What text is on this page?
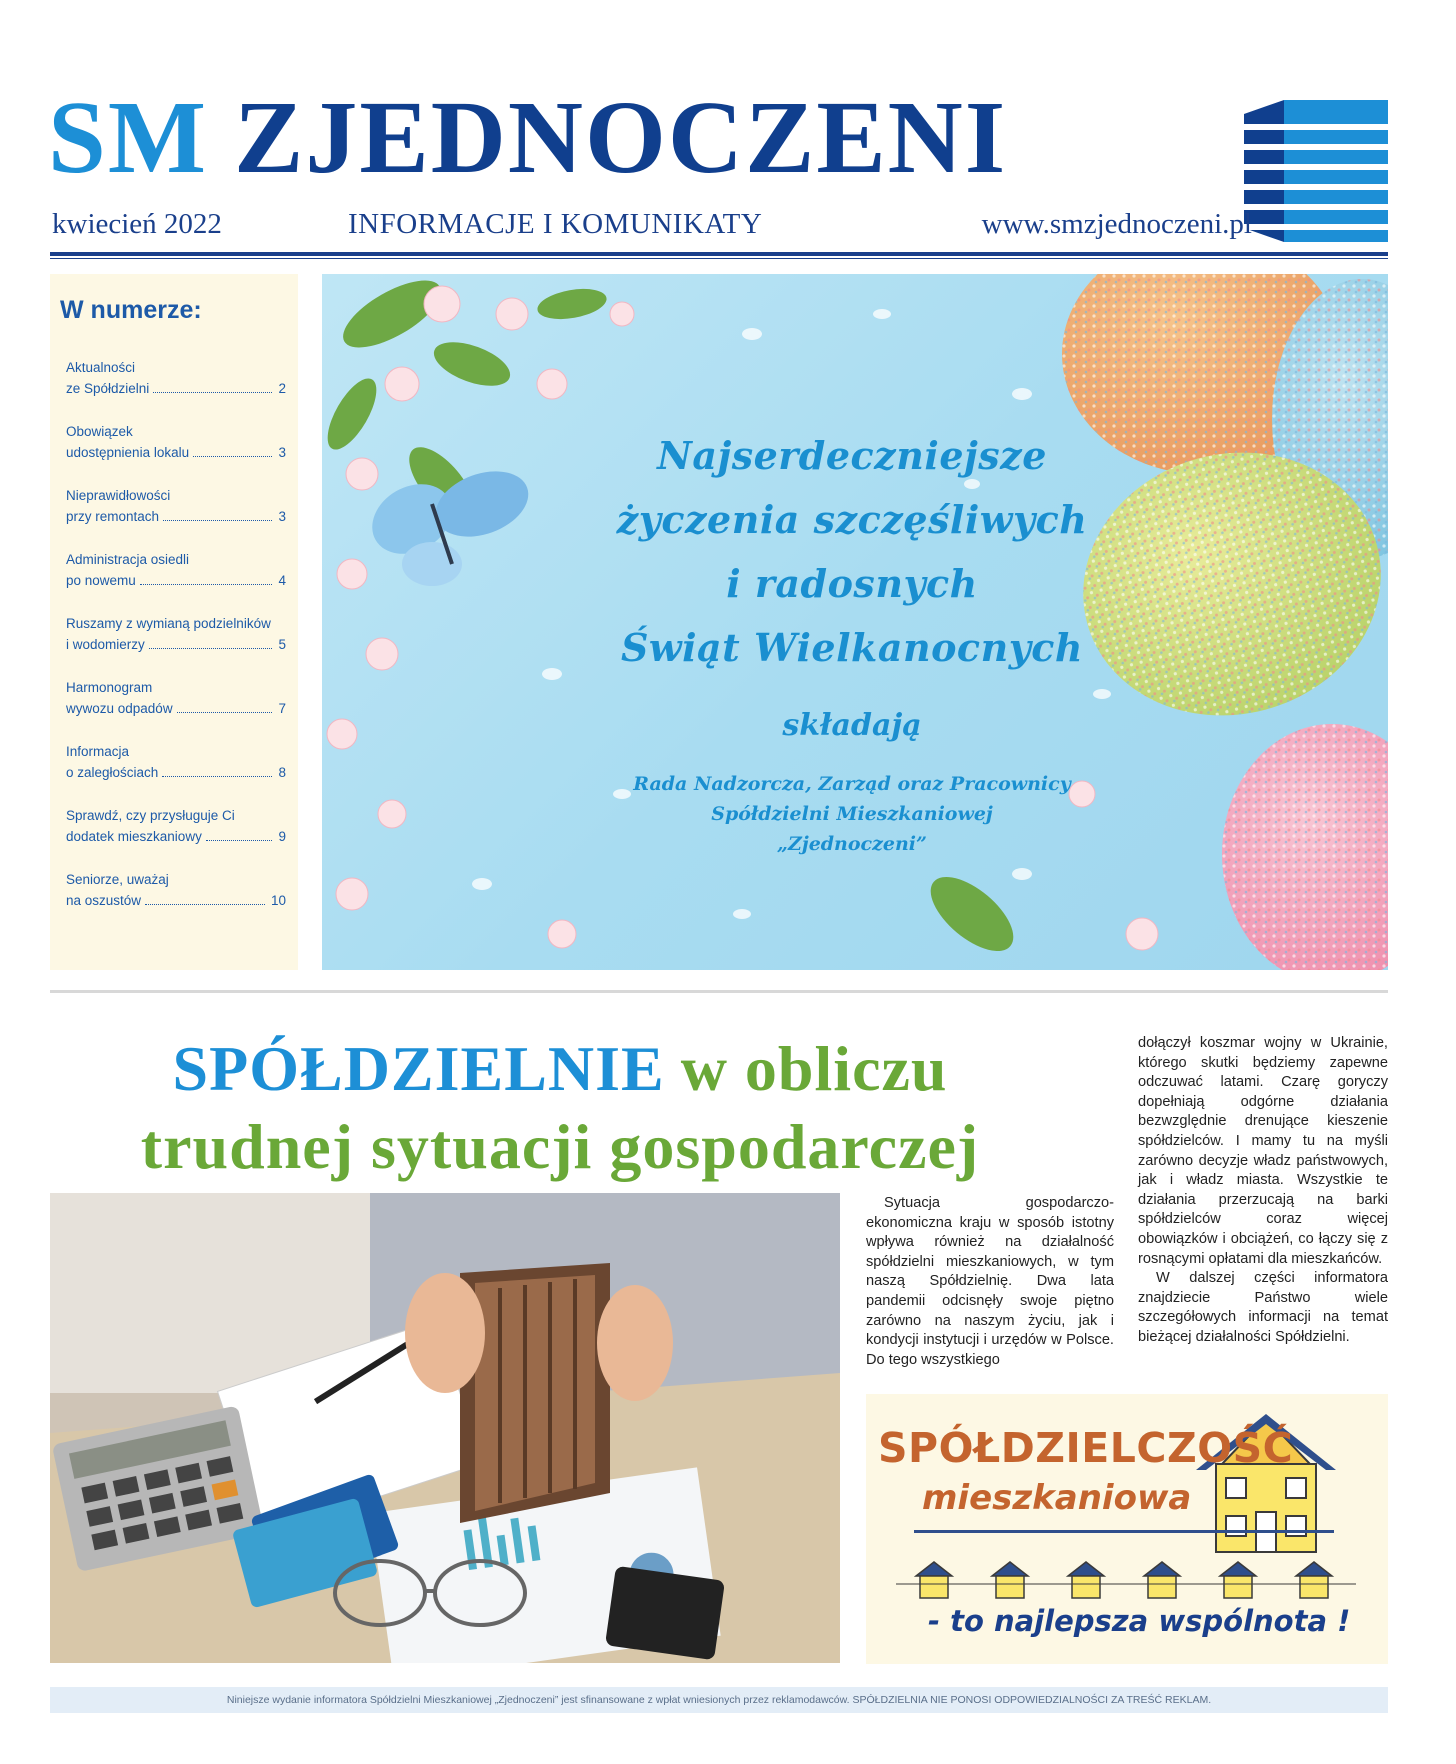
SM ZJEDNOCZENI
kwiecień 2022	INFORMACJE I KOMUNIKATY	www.smzjednoczeni.pl
W numerze:
Aktualności
ze Spółdzielni	2
Obowiązek
udostępnienia lokalu	3
Nieprawidłowości
przy remontach	3
Administracja osiedli
po nowemu	4
Ruszamy z wymianą podzielników
i wodomierzy	5
Harmonogram
wywozu odpadów	7
Informacja
o zaległościach	8
Sprawdź, czy przysługuje Ci
dodatek mieszkaniowy	9
Seniorze, uważaj
na oszustów	10
Najserdeczniejsze
życzenia szczęśliwych
i radosnych
Świąt Wielkanocnych
składają
Rada Nadzorcza, Zarząd oraz Pracownicy
Spółdzielni Mieszkaniowej
„Zjednoczeni”
SPÓŁDZIELNIE w obliczu
trudnej sytuacji gospodarczej

Sytuacja gospodarczo-ekonomiczna kraju w sposób istotny wpływa również na działalność spółdzielni mieszkaniowych, w tym naszą Spółdzielnię. Dwa lata pandemii odcisnęły swoje piętno zarówno na naszym życiu, jak i kondycji instytucji i urzędów w Polsce. Do tego wszystkiego

dołączył koszmar wojny w Ukrainie, którego skutki będziemy zapewne odczuwać latami. Czarę goryczy dopełniają odgórne działania bezwzględnie drenujące kieszenie spółdzielców. I mamy tu na myśli zarówno decyzje władz państwowych, jak i władz miasta. Wszystkie te działania przerzucają na barki spółdzielców coraz więcej obowiązków i obciążeń, co łączy się z rosnącymi opłatami dla mieszkańców.

W dalszej części informatora znajdziecie Państwo wiele szczegółowych informacji na temat bieżącej działalności Spółdzielni.

SPÓŁDZIELCZOŚĆ
mieszkaniowa
- to najlepsza wspólnota !
Niniejsze wydanie informatora Spółdzielni Mieszkaniowej „Zjednoczeni” jest sfinansowane z wpłat wniesionych przez reklamodawców. SPÓŁDZIELNIA NIE PONOSI ODPOWIEDZIALNOŚCI ZA TREŚĆ REKLAM.
